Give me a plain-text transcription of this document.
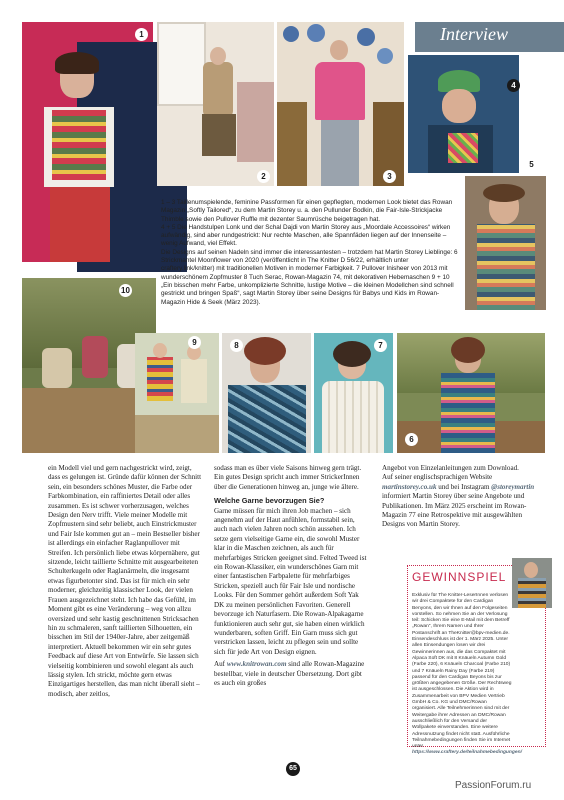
Interview
1
2	3
4
5
10
9	8	7
6

1 – 3 Taillenumspielende, feminine Passformen für einen gepflegten, modernen Look bietet das Rowan Magazin „Softly Tailored“, zu dem Martin Storey u. a. den Pullunder Bodkin, die Fair-Isle-Strickjacke Thimble sowie den Pullover Ruffle mit dezenter Saumrüsche beigetragen hat.

4 + 5 Die Handstulpen Lonk und der Schal Dajdi von Martin Storey aus „Moordale Accessoires“ wirken aufwändig, sind aber rundgestrickt: Nur rechte Maschen, alle Spannfäden liegen auf der Innenseite – wenig Aufwand, viel Effekt.

Die Designs auf seinen Nadeln sind immer die interessantesten – trotzdem hat Martin Storey Lieblinge: 6 Strickmantel Moonflower von 2020 (veröffentlicht in The Knitter D 56/22, erhältlich unter craftery.link/knitter) mit traditionellen Motiven in moderner Farbigkeit. 7 Pullover Inisheer von 2013 mit wunderschönem Zopfmuster 8 Tuch Serac, Rowan-Magazin 74, mit dekorativen Hebemaschen 9 + 10 „Ein bisschen mehr Farbe, unkomplizierte Schnitte, lustige Motive – die kleinen Modellchen sind schnell gestrickt und bringen Spaß“, sagt Martin Storey über seine Designs für Babys und Kids im Rowan-Magazin Hide & Seek (März 2023).

ein Modell viel und gern nachgestrickt wird, zeigt, dass es gelungen ist. Gründe dafür können der Schnitt sein, ein besonders schönes Muster, die Farbe oder Farbkombination, ein raffiniertes Detail oder alles zusammen. Es ist schwer vorherzusagen, welches Design den Nerv trifft. Viele meiner Modelle mit Zopfmustern sind sehr beliebt, auch Einstrickmuster und Fair Isle kommen gut an – mein Bestseller bisher ist allerdings ein einfacher Raglanpullover mit Streifen. Ich persönlich liebe etwas körpernähere, gut sitzende, leicht taillierte Schnitte mit ausgearbeiteten Schulterkugeln oder Raglanärmeln, die insgesamt etwas figurbetonter sind. Das ist für mich ein sehr moderner, gleichzeitig klassischer Look, der vielen Frauen ausgezeichnet steht. Ich habe das Gefühl, im Moment gibt es eine Veränderung – weg von allzu oversized und sehr kastig geschnittenen Stricksachen hin zu schmaleren, sanft taillierten Silhouetten, ein bisschen im Stil der 1940er-Jahre, aber zeitgemäß interpretiert. Aktuell bekommen wir ein sehr gutes Feedback auf diese Art von Entwürfe. Sie lassen sich vielseitig kombinieren und sowohl elegant als auch lässig stylen. Ich strickt, möchte gern etwas Einzigartiges herstellen, das man nicht überall sieht – modisch, aber zeitlos,

sodass man es über viele Saisons hinweg gern trägt. Ein gutes Design spricht auch immer StrickerInnen über die Generationen hinweg an, junge wie ältere.

Welche Garne bevorzugen Sie?

Garne müssen für mich ihren Job machen – sich angenehm auf der Haut anfühlen, formstabil sein, auch nach vielen Jahren noch schön aussehen. Ich setze gern vielseitige Garne ein, die sowohl Muster klar in die Maschen zeichnen, als auch für mehrfarbiges Stricken geeignet sind. Felted Tweed ist ein Rowan-Klassiker, ein wunderschönes Garn mit einer fantastischen Farbpalette für mehrfarbiges Stricken, speziell auch für Fair Isle und nordische Looks. Für den Sommer gehört außerdem Soft Yak DK zu meinen persönlichen Favoriten. Generell bevorzuge ich Naturfasern. Die Rowan-Alpakagarne funktionieren auch sehr gut, sie haben einen wirklich wunderbaren, soften Griff. Ein Garn muss sich gut verstricken lassen, leicht zu pflegen sein und sollte sich für jede Art von Design eignen.

Auf www.knitrowan.com sind alle Rowan-Magazine bestellbar, viele in deutscher Übersetzung. Dort gibt es auch ein großes

Angebot von Einzelanleitungen zum Download.

Auf seiner englischsprachigen Website martinstorey.co.uk und bei Instagram @storeymartin informiert Martin Storey über seine Angebote und Publikationen. Im März 2025 erscheint im Rowan-Magazin 77 eine Retrospektive mit ausgewählten Designs von Martin Storey.

GEWINNSPIEL

Exklusiv für The Knitter-LeserInnen verlosen wir drei Compaktete für den Cardigan Benyons, den wir Ihnen auf den Folgeseiten vorstellen. So nehmen Sie an der Verlosung teil: Schicken Sie eine E-Mail mit dem Betreff „Rowan“, Ihrem Namen und Ihrer Postanschrift an TheKnitter@bpv-medien.de. Einsendeschluss ist der 1. März 2025. Unter allen Einsendungen losen wir drei Gewinnerinnen aus, die das Compaktet mit Alpaca Soft DK mit 8 Knäueln Autumn Gold (Farbe 220), 6 Knäueln Charcoal (Farbe 210) und 7 Knäueln Rainy Day (Farbe 219) passend für den Cardigan Beyons bis zur größten angegebenen Größe. Der Rechtsweg ist ausgeschlossen. Die Aktion wird in Zusammenarbeit von BPV Medien Vertrieb GmbH & Co. KG und DMC/Rowan organisiert. Alle Teilnehmerinnen sind mit der Weitergabe ihrer Adressen an DMC/Rowan ausschließlich für den Versand der Wollpakete einverstanden. Eine weitere Adressnutzung findet nicht statt. Ausführliche Teilnahmebedingungen finden Sie im Internet unter

https://www.craftery.de/teilnahmebedingungen/

65
PassionForum.ru
